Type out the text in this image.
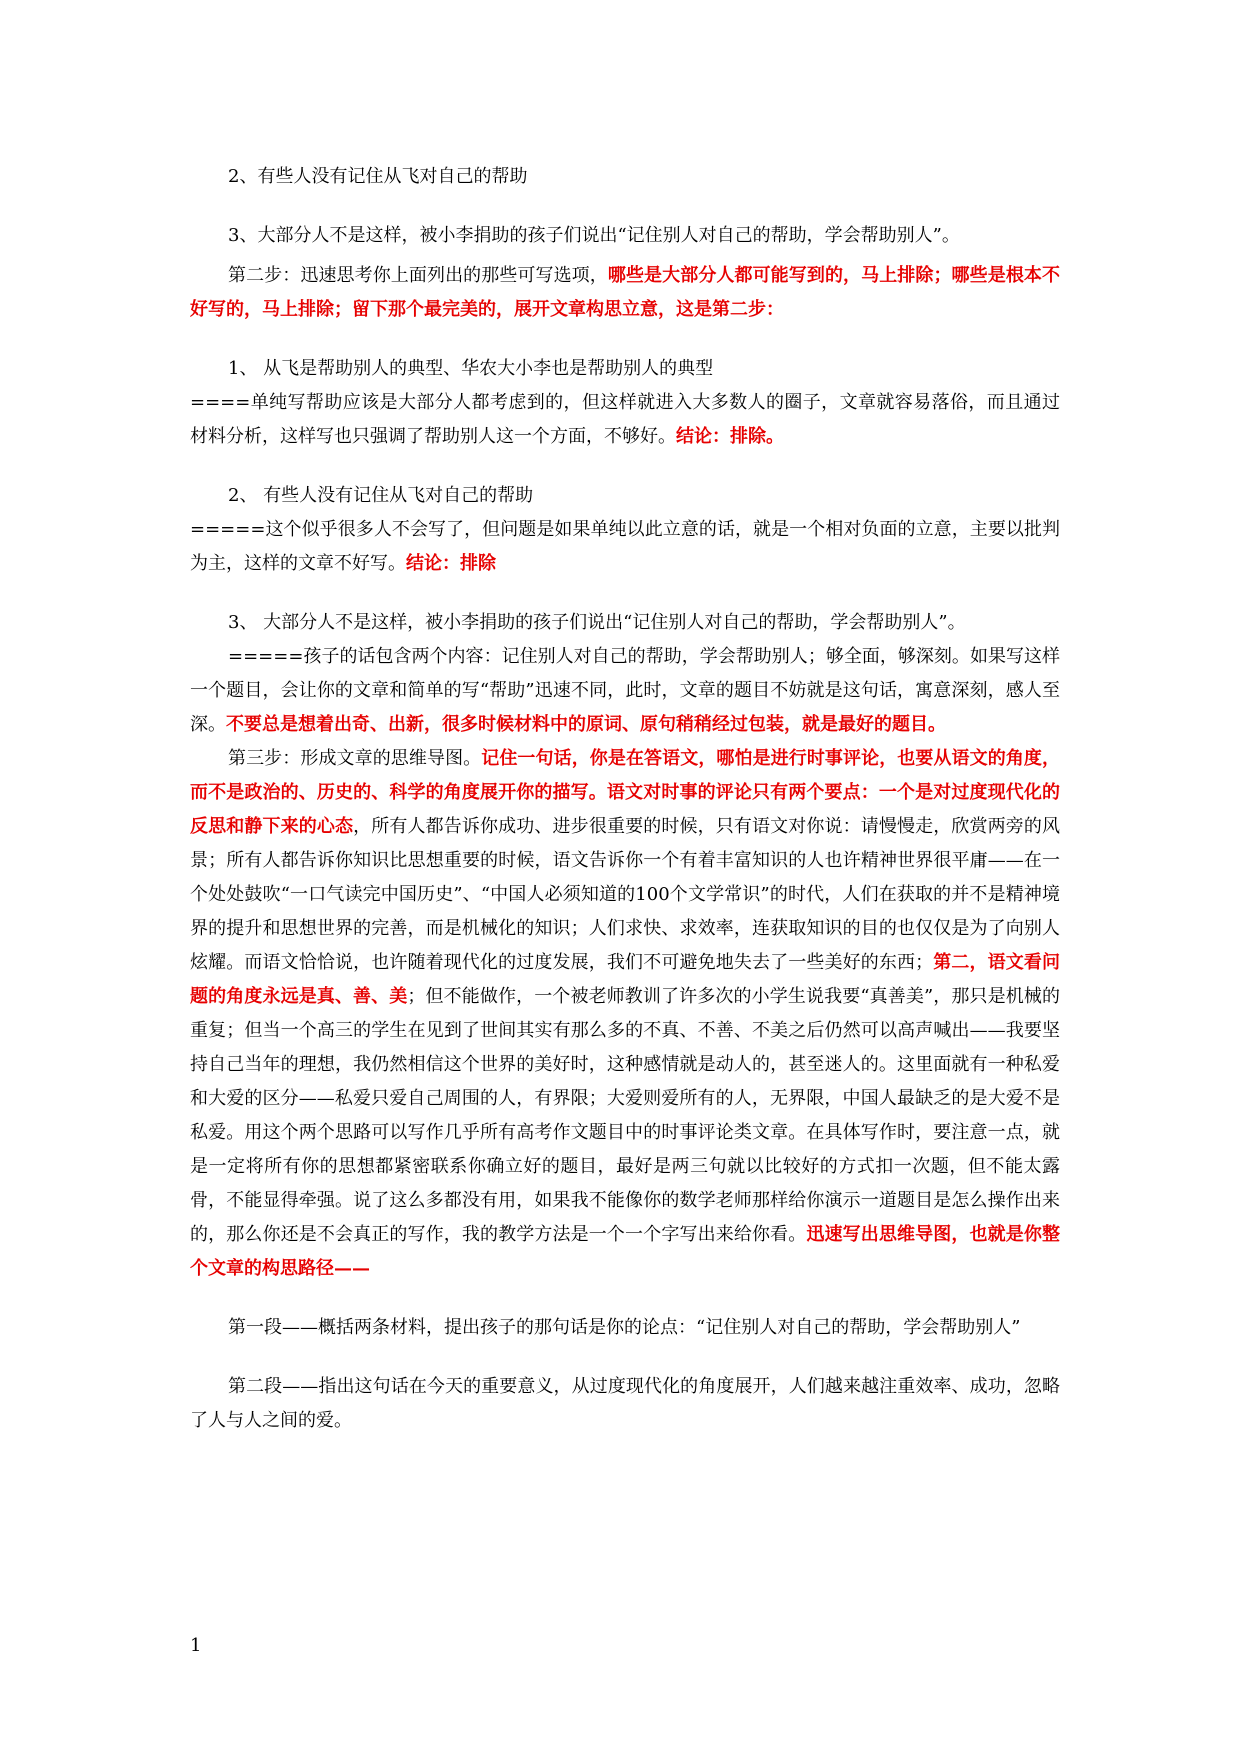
2、有些人没有记住从飞对自己的帮助

3、大部分人不是这样，被小李捐助的孩子们说出“记住别人对自己的帮助，学会帮助别人”。

第二步：迅速思考你上面列出的那些可写选项，哪些是大部分人都可能写到的，马上排除；哪些是根本不好写的，马上排除；留下那个最完美的，展开文章构思立意，这是第二步：

1、 从飞是帮助别人的典型、华农大小李也是帮助别人的典型

====单纯写帮助应该是大部分人都考虑到的，但这样就进入大多数人的圈子，文章就容易落俗，而且通过材料分析，这样写也只强调了帮助别人这一个方面，不够好。结论：排除。

2、 有些人没有记住从飞对自己的帮助

=====这个似乎很多人不会写了，但问题是如果单纯以此立意的话，就是一个相对负面的立意，主要以批判为主，这样的文章不好写。结论：排除

3、 大部分人不是这样，被小李捐助的孩子们说出“记住别人对自己的帮助，学会帮助别人”。

=====孩子的话包含两个内容：记住别人对自己的帮助，学会帮助别人；够全面，够深刻。如果写这样一个题目，会让你的文章和简单的写“帮助”迅速不同，此时，文章的题目不妨就是这句话，寓意深刻，感人至深。不要总是想着出奇、出新，很多时候材料中的原词、原句稍稍经过包装，就是最好的题目。

第三步：形成文章的思维导图。记住一句话，你是在答语文，哪怕是进行时事评论，也要从语文的角度，而不是政治的、历史的、科学的角度展开你的描写。语文对时事的评论只有两个要点：一个是对过度现代化的反思和静下来的心态，所有人都告诉你成功、进步很重要的时候，只有语文对你说：请慢慢走，欣赏两旁的风景；所有人都告诉你知识比思想重要的时候，语文告诉你一个有着丰富知识的人也许精神世界很平庸——在一个处处鼓吹“一口气读完中国历史”、“中国人必须知道的100个文学常识”的时代，人们在获取的并不是精神境界的提升和思想世界的完善，而是机械化的知识；人们求快、求效率，连获取知识的目的也仅仅是为了向别人炫耀。而语文恰恰说，也许随着现代化的过度发展，我们不可避免地失去了一些美好的东西；第二，语文看问题的角度永远是真、善、美；但不能做作，一个被老师教训了许多次的小学生说我要“真善美”，那只是机械的重复；但当一个高三的学生在见到了世间其实有那么多的不真、不善、不美之后仍然可以高声喊出——我要坚持自己当年的理想，我仍然相信这个世界的美好时，这种感情就是动人的，甚至迷人的。这里面就有一种私爱和大爱的区分——私爱只爱自己周围的人，有界限；大爱则爱所有的人，无界限，中国人最缺乏的是大爱不是私爱。用这个两个思路可以写作几乎所有高考作文题目中的时事评论类文章。在具体写作时，要注意一点，就是一定将所有你的思想都紧密联系你确立好的题目，最好是两三句就以比较好的方式扣一次题，但不能太露骨，不能显得牵强。说了这么多都没有用，如果我不能像你的数学老师那样给你演示一道题目是怎么操作出来的，那么你还是不会真正的写作，我的教学方法是一个一个字写出来给你看。迅速写出思维导图，也就是你整个文章的构思路径——

第一段——概括两条材料，提出孩子的那句话是你的论点：“记住别人对自己的帮助，学会帮助别人”

第二段——指出这句话在今天的重要意义，从过度现代化的角度展开，人们越来越注重效率、成功，忽略了人与人之间的爱。

1
